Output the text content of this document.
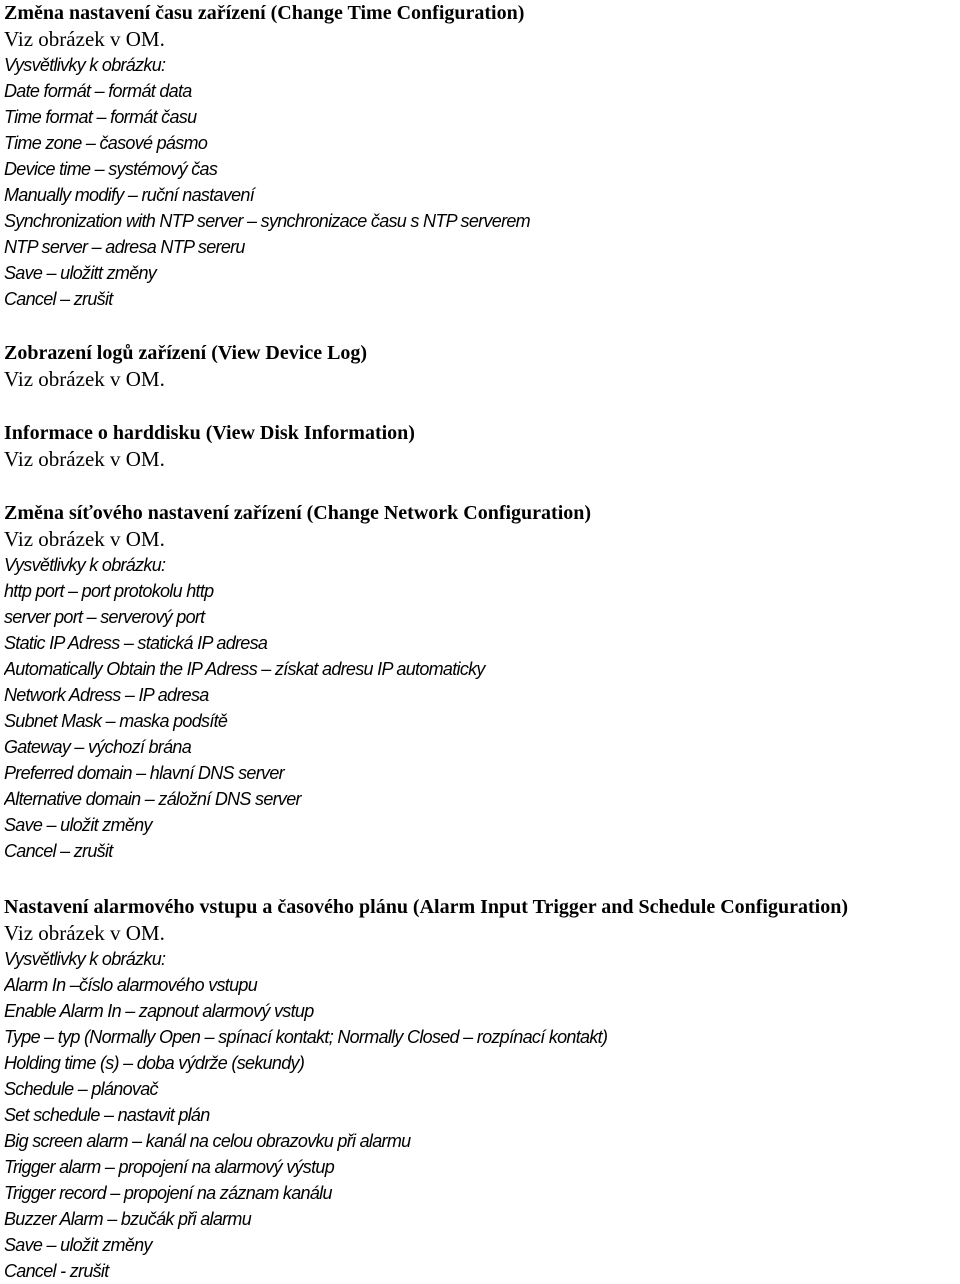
Změna nastavení času zařízení (Change Time Configuration)
Viz obrázek v OM.
Vysvětlivky k obrázku:
Date formát – formát data
Time format – formát času
Time zone – časové pásmo
Device time – systémový čas
Manually modify – ruční nastavení
Synchronization with NTP server – synchronizace času s NTP serverem
NTP server – adresa NTP sereru
Save – uložitt změny
Cancel – zrušit
Zobrazení logů zařízení (View Device Log)
Viz obrázek v OM.
Informace o harddisku (View Disk Information)
Viz obrázek v OM.
Změna síťového nastavení zařízení (Change Network Configuration)
Viz obrázek v OM.
Vysvětlivky k obrázku:
http port – port protokolu http
server port – serverový port
Static IP Adress – statická IP adresa
Automatically Obtain the IP Adress – získat adresu IP automaticky
Network Adress – IP adresa
Subnet Mask – maska podsítě
Gateway – výchozí brána
Preferred domain – hlavní DNS server
Alternative domain – záložní DNS server
Save – uložit změny
Cancel – zrušit
Nastavení alarmového vstupu a časového plánu (Alarm Input Trigger and Schedule Configuration)
Viz obrázek v OM.
Vysvětlivky k obrázku:
Alarm In –číslo alarmového vstupu
Enable Alarm In – zapnout alarmový vstup
Type – typ (Normally Open – spínací kontakt; Normally Closed – rozpínací kontakt)
Holding time (s) – doba výdrže (sekundy)
Schedule – plánovač
Set schedule – nastavit plán
Big screen alarm – kanál na celou obrazovku při alarmu
Trigger alarm – propojení na alarmový výstup
Trigger record – propojení na záznam kanálu
Buzzer Alarm – bzučák při alarmu
Save – uložit změny
Cancel - zrušit
